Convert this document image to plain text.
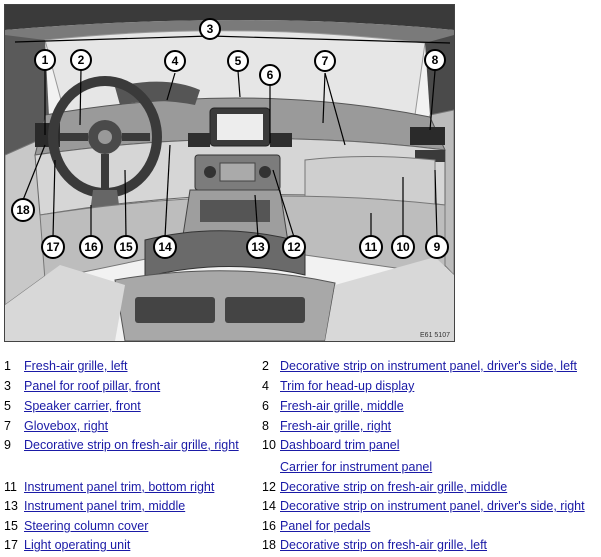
3
1 2	4	5
6
7	8
18
17 16 15 14	13 12	11 10 9
E61 5107
1	Fresh-air grille, left	2 Decorative strip on instrument panel, driver's side, left
3	Panel for roof pillar, front	4 Trim for head-up display
5	Speaker carrier, front	6 Fresh-air grille, middle
7	Glovebox, right	8 Fresh-air grille, right
9	Decorative strip on fresh-air grille, right 10 Dashboard trim panel
Carrier for instrument panel
11 Instrument panel trim, bottom right	12 Decorative strip on fresh-air grille, middle
13 Instrument panel trim, middle	14 Decorative strip on instrument panel, driver's side, right
15 Steering column cover	16 Panel for pedals
17 Light operating unit	18 Decorative strip on fresh-air grille, left
